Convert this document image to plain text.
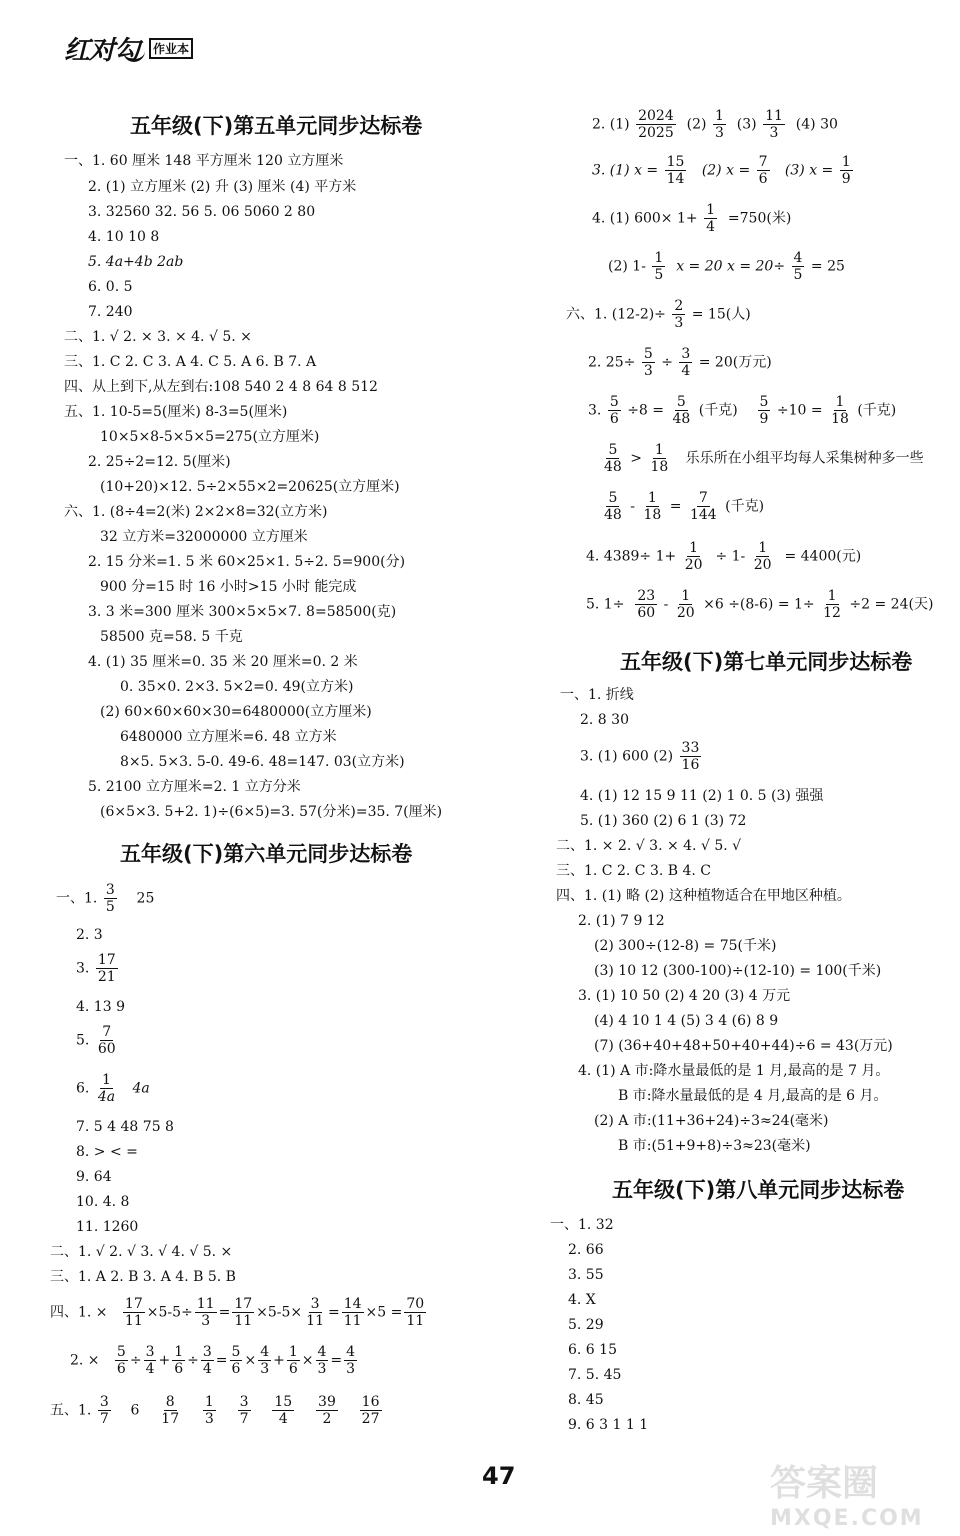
红对勾	作业本
五年级(下)第五单元同步达标卷
一、1. 60 厘米 148 平方厘米 120 立方厘米
2. (1) 立方厘米 (2) 升 (3) 厘米 (4) 平方米
3. 32560 32. 56 5. 06 5060 2 80
4. 10 10 8
5. 4a+4b 2ab
6. 0. 5
7. 240
二、1. √ 2. × 3. × 4. √ 5. ×
三、1. C 2. C 3. A 4. C 5. A 6. B 7. A
四、从上到下,从左到右:108 540 2 4 8 64 8 512
五、1. 10-5=5(厘米) 8-3=5(厘米)
10×5×8-5×5×5=275(立方厘米)
2. 25÷2=12. 5(厘米)
(10+20)×12. 5÷2×55×2=20625(立方厘米)
六、1. (8÷4=2(米) 2×2×8=32(立方米)
32 立方米=32000000 立方厘米
2. 15 分米=1. 5 米 60×25×1. 5÷2. 5=900(分)
900 分=15 时 16 小时>15 小时 能完成
3. 3 米=300 厘米 300×5×5×7. 8=58500(克)
58500 克=58. 5 千克
4. (1) 35 厘米=0. 35 米 20 厘米=0. 2 米
0. 35×0. 2×3. 5×2=0. 49(立方米)
(2) 60×60×60×30=6480000(立方厘米)
6480000 立方厘米=6. 48 立方米
8×5. 5×3. 5-0. 49-6. 48=147. 03(立方米)
5. 2100 立方厘米=2. 1 立方分米
(6×5×3. 5+2. 1)÷(6×5)=3. 57(分米)=35. 7(厘米)
五年级(下)第六单元同步达标卷
一、1. $\frac{3}{5} 25$
2. 3
3. $\frac{17}{21}$
4. 13 9
5. $\frac{7}{60}$
6. $\frac{1}{4a} 4a$
7. 5 4 48 75 8
8. > < =
9. 64
10. 4. 8
11. 1260
二、1. √ 2. √ 3. √ 4. √ 5. ×
三、1. A 2. B 3. A 4. B 5. B
四、1. × $\frac{17}{11} \times 5-5\div \frac{11}{3} = \frac{17}{11} \times 5-5\times \frac{3}{11} = \frac{14}{11} \times 5 = \frac{70}{11}$
2. × $\frac{5}{6} \div \frac{3}{4} + \frac{1}{6} \div \frac{3}{4} = \frac{5}{6} \times \frac{4}{3} + \frac{1}{6} \times \frac{4}{3} = \frac{4}{3}$
五、1. $\frac{3}{7} 6 \frac{8}{17}$
$\frac{1}{3}$
$\frac{3}{7}$
$\frac{15}{4}$
$\frac{39}{2}$
$\frac{16}{27}$
2. $(1) \frac{2024}{2025} (2) \frac{1}{3} (3) \frac{11}{3} (4)$ 30
3. (1) $x = \frac{15}{14} (2) x = \frac{7}{6} (3) x = \frac{1}{9}$
4. (1) $600\times 1+ \frac{1}{4} =750$(米)
(2) $1- \frac{1}{5}$ x = 20 $x = 20\div \frac{4}{5} = 25$
六、1. $(12-2)\div \frac{2}{3} = 15$(人)
2. $25\div \frac{5}{3} \div \frac{3}{4} = 20$(万元)
3. $\frac{5}{6} \div 8 = \frac{5}{48}$ (千克) $\frac{5}{9} \div 10 = \frac{1}{18}$ (千克)
$\frac{5}{48} > \frac{1}{18}$ 乐乐所在小组平均每人采集树种多一些
$\frac{5}{48} - \frac{1}{18} = \frac{7}{144}$ (千克)
4. $4389\div 1+ \frac{1}{20} \div 1- \frac{1}{20} = 4400$(元)
5. $1\div \frac{23}{60} - \frac{1}{20} \times 6 \div(8-6) = 1\div \frac{1}{12} \div 2 = 24$(天)
五年级(下)第七单元同步达标卷
一、1. 折线
2. 8 30
3. (1) 600 $(2) \frac{33}{16}$
4. (1) 12 15 9 11 (2) 1 0. 5 (3) 强强
5. (1) 360 (2) 6 1 (3) 72
二、1. × 2. √ 3. × 4. √ 5. √
三、1. C 2. C 3. B 4. C
四、1. (1) 略 (2) 这种植物适合在甲地区种植。
2. (1) 7 9 12
(2) 300÷(12-8) = 75(千米)
(3) 10 12 (300-100)÷(12-10) = 100(千米)
3. (1) 10 50 (2) 4 20 (3) 4 万元
(4) 4 10 1 4 (5) 3 4 (6) 8 9
(7) (36+40+48+50+40+44)÷6 = 43(万元)
4. (1) A 市:降水量最低的是 1 月,最高的是 7 月。
B 市:降水量最低的是 4 月,最高的是 6 月。
(2) A 市:(11+36+24)÷3≈24(毫米)
B 市:(51+9+8)÷3≈23(毫米)
五年级(下)第八单元同步达标卷
一、1. 32
2. 66
3. 55
4. X
5. 29
6. 6 15
7. 5. 45
8. 45
9. 6 3 1 1 1
47	答案圈
MXQE.COM
